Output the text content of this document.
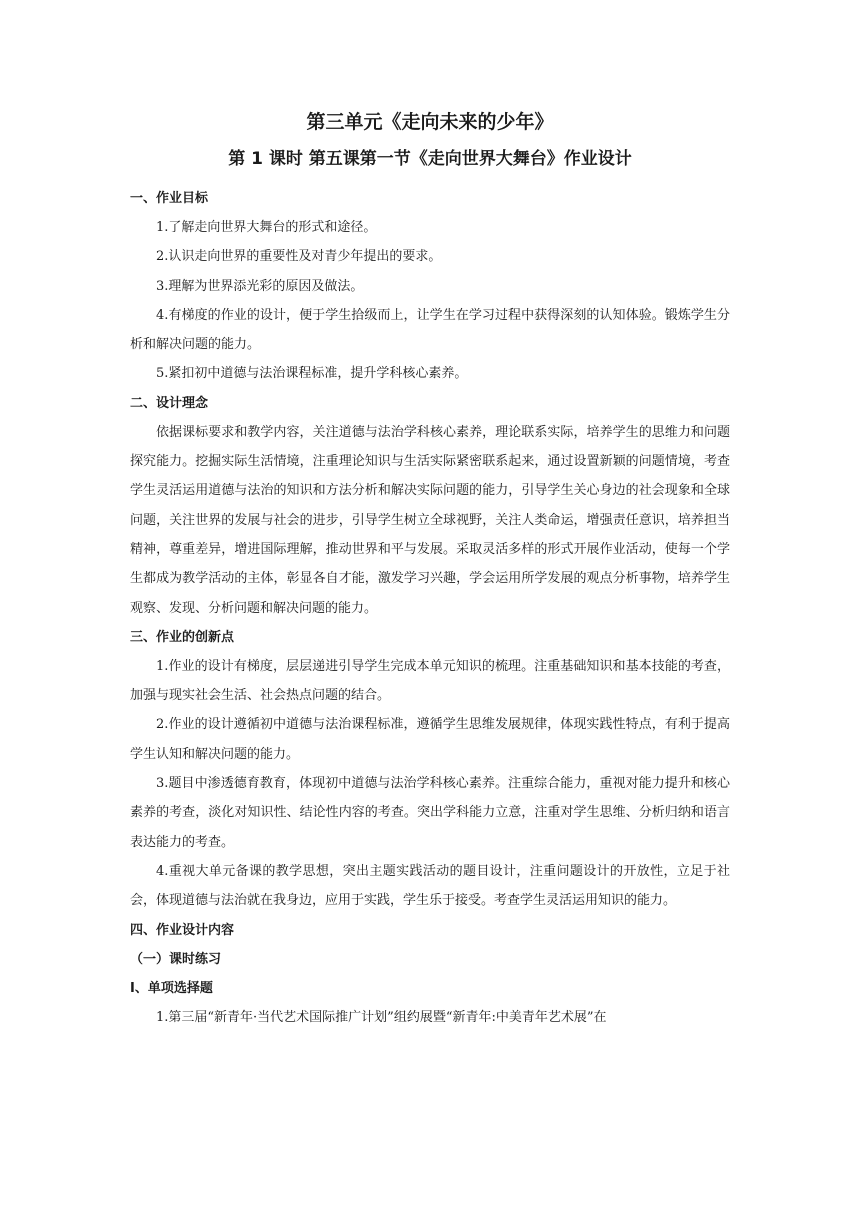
第三单元《走向未来的少年》
第 1 课时 第五课第一节《走向世界大舞台》作业设计
一、作业目标

1.了解走向世界大舞台的形式和途径。

2.认识走向世界的重要性及对青少年提出的要求。

3.理解为世界添光彩的原因及做法。

4.有梯度的作业的设计，便于学生拾级而上，让学生在学习过程中获得深刻的认知体验。锻炼学生分析和解决问题的能力。

5.紧扣初中道德与法治课程标准，提升学科核心素养。

二、设计理念

依据课标要求和教学内容，关注道德与法治学科核心素养，理论联系实际，培养学生的思维力和问题探究能力。挖掘实际生活情境，注重理论知识与生活实际紧密联系起来，通过设置新颖的问题情境，考查学生灵活运用道德与法治的知识和方法分析和解决实际问题的能力，引导学生关心身边的社会现象和全球问题，关注世界的发展与社会的进步，引导学生树立全球视野，关注人类命运，增强责任意识，培养担当精神，尊重差异，增进国际理解，推动世界和平与发展。采取灵活多样的形式开展作业活动，使每一个学生都成为教学活动的主体，彰显各自才能，激发学习兴趣，学会运用所学发展的观点分析事物，培养学生观察、发现、分析问题和解决问题的能力。

三、作业的创新点

1.作业的设计有梯度，层层递进引导学生完成本单元知识的梳理。注重基础知识和基本技能的考查，加强与现实社会生活、社会热点问题的结合。

2.作业的设计遵循初中道德与法治课程标准，遵循学生思维发展规律，体现实践性特点，有利于提高学生认知和解决问题的能力。

3.题目中渗透德育教育，体现初中道德与法治学科核心素养。注重综合能力，重视对能力提升和核心素养的考查，淡化对知识性、结论性内容的考查。突出学科能力立意，注重对学生思维、分析归纳和语言表达能力的考查。

4.重视大单元备课的教学思想，突出主题实践活动的题目设计，注重问题设计的开放性，立足于社会，体现道德与法治就在我身边，应用于实践，学生乐于接受。考查学生灵活运用知识的能力。

四、作业设计内容
（一）课时练习
Ⅰ、单项选择题

1.第三届“新青年·当代艺术国际推广计划”组约展暨“新青年:中美青年艺术展”在
